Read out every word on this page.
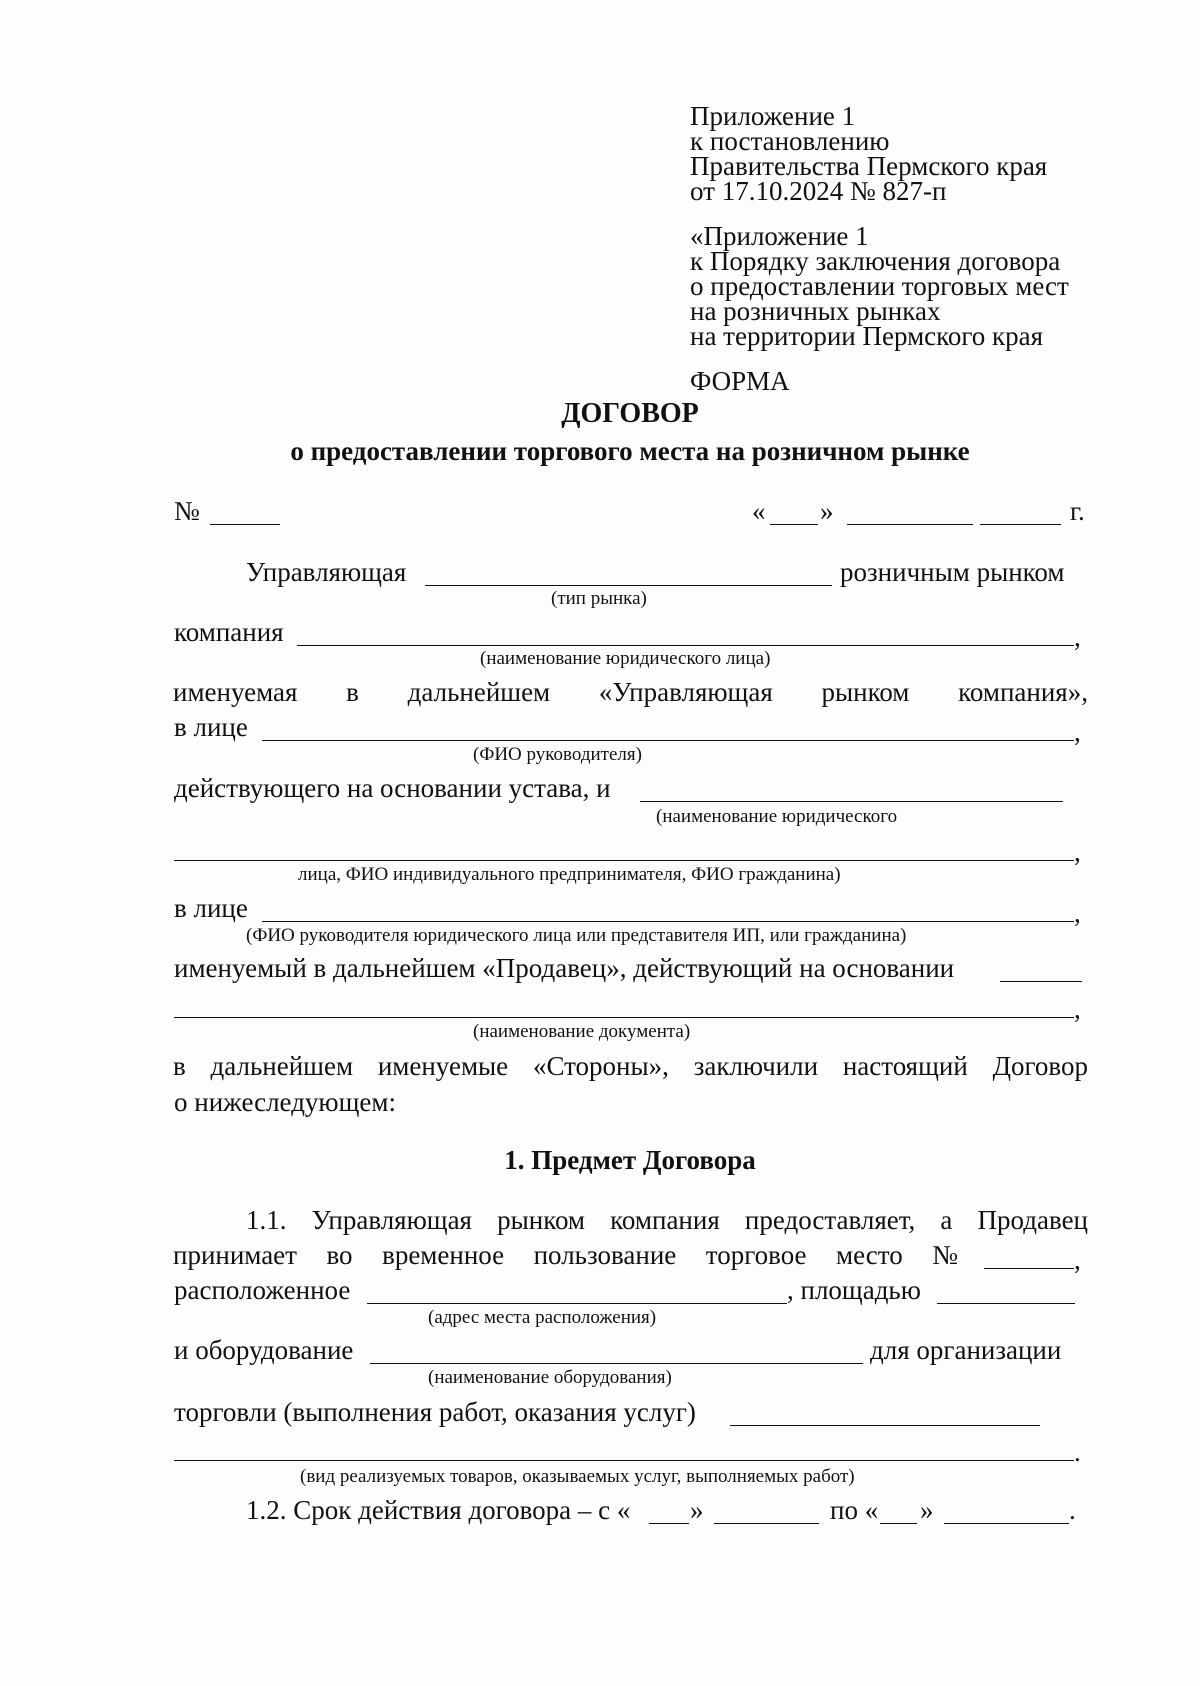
Приложение 1
к постановлению
Правительства Пермского края
от 17.10.2024 № 827-п
«Приложение 1
к Порядку заключения договора
о предоставлении торговых мест
на розничных рынках
на территории Пермского края
ФОРМА
ДОГОВОР
о предоставлении торгового места на розничном рынке
№	« »	г.
Управляющая	розничным рынком
(тип рынка)
компания	,
(наименование юридического лица)
именуемая в дальнейшем «Управляющая рынком компания»,
в лице	,
(ФИО руководителя)
действующего на основании устава, и
(наименование юридического
,
лица, ФИО индивидуального предпринимателя, ФИО гражданина)
в лице	,
(ФИО руководителя юридического лица или представителя ИП, или гражданина)
именуемый в дальнейшем «Продавец», действующий на основании
,
(наименование документа)
в дальнейшем именуемые «Стороны», заключили настоящий Договор
о нижеследующем:
1. Предмет Договора
1.1. Управляющая рынком компания предоставляет, а Продавец
принимает во временное пользование торговое место №	,
расположенное	, площадью
(адрес места расположения)
и оборудование	для организации
(наименование оборудования)
торговли (выполнения работ, оказания услуг)
.
(вид реализуемых товаров, оказываемых услуг, выполняемых работ)
1.2. Срок действия договора – с « »	по « »	.
